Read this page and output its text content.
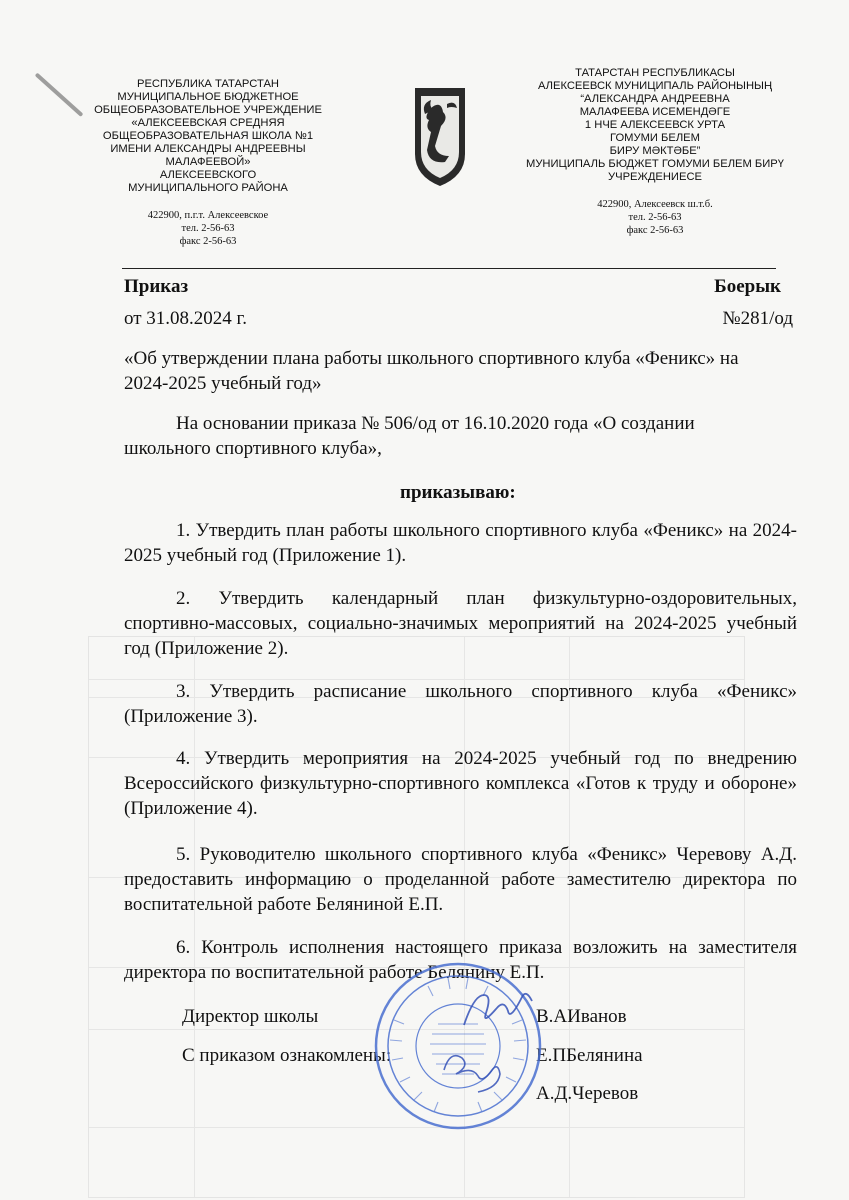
РЕСПУБЛИКА ТАТАРСТАН
МУНИЦИПАЛЬНОЕ БЮДЖЕТНОЕ
ОБЩЕОБРАЗОВАТЕЛЬНОЕ УЧРЕЖДЕНИЕ
«АЛЕКСЕЕВСКАЯ СРЕДНЯЯ
ОБЩЕОБРАЗОВАТЕЛЬНАЯ ШКОЛА №1
ИМЕНИ АЛЕКСАНДРЫ АНДРЕЕВНЫ
МАЛАФЕЕВОЙ»
АЛЕКСЕЕВСКОГО
МУНИЦИПАЛЬНОГО РАЙОНА
422900, п.г.т. Алексеевское
тел. 2-56-63
факс 2-56-63
ТАТАРСТАН РЕСПУБЛИКАСЫ
АЛЕКСЕЕВСК МУНИЦИПАЛЬ РАЙОНЫНЫҢ
“АЛЕКСАНДРА АНДРЕЕВНА
МАЛАФЕЕВА ИСЕМЕНДӘГЕ
1 НЧЕ АЛЕКСЕЕВСК УРТА
ГОМУМИ БЕЛЕМ
БИРУ МӘКТӘБЕ”
МУНИЦИПАЛЬ БЮДЖЕТ ГОМУМИ БЕЛЕМ БИРҮ
УЧРЕЖДЕНИЕСЕ
422900, Алексеевск ш.т.б.
тел. 2-56-63
факс 2-56-63
Приказ	Боерык
от 31.08.2024 г.	№281/од
«Об утверждении плана работы школьного спортивного клуба «Феникс» на 2024-2025 учебный год»
На основании приказа № 506/од от 16.10.2020 года «О создании школьного спортивного клуба»,
приказываю:
1. Утвердить план работы школьного спортивного клуба «Феникс» на 2024-2025 учебный год (Приложение 1).
2. Утвердить календарный план физкультурно-оздоровительных, спортивно-массовых, социально-значимых мероприятий на 2024-2025 учебный год (Приложение 2).
3. Утвердить расписание школьного спортивного клуба «Феникс» (Приложение 3).
4. Утвердить мероприятия на 2024-2025 учебный год по внедрению Всероссийского физкультурно-спортивного комплекса «Готов к труду и обороне» (Приложение 4).
5. Руководителю школьного спортивного клуба «Феникс» Черевову А.Д. предоставить информацию о проделанной работе заместителю директора по воспитательной работе Беляниной Е.П.
6. Контроль исполнения настоящего приказа возложить на заместителя директора по воспитательной работе Белянину Е.П.
Директор школы	В.АИванов
С приказом ознакомлены:	Е.ПБелянина
А.Д.Черевов
